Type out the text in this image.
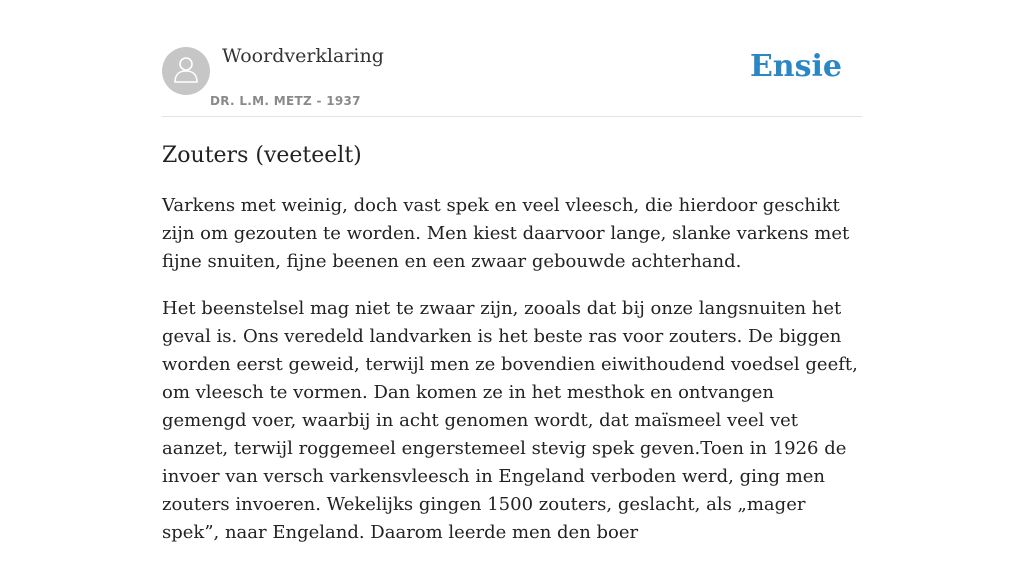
Woordverklaring
DR. L.M. METZ - 1937
Ensie
Zouters (veeteelt)

Varkens met weinig, doch vast spek en veel vleesch, die hierdoor geschikt zijn om gezouten te worden. Men kiest daarvoor lange, slanke varkens met fijne snuiten, fijne beenen en een zwaar gebouwde achterhand.

Het beenstelsel mag niet te zwaar zijn, zooals dat bij onze langsnuiten het geval is. Ons veredeld landvarken is het beste ras voor zouters. De biggen worden eerst geweid, terwijl men ze bovendien eiwithoudend voedsel geeft, om vleesch te vormen. Dan komen ze in het mesthok en ontvangen gemengd voer, waarbij in acht genomen wordt, dat maïsmeel veel vet aanzet, terwijl roggemeel engerstemeel stevig spek geven.Toen in 1926 de invoer van versch varkensvleesch in Engeland verboden werd, ging men zouters invoeren. Wekelijks gingen 1500 zouters, geslacht, als „mager spek”, naar Engeland. Daarom leerde men den boer
